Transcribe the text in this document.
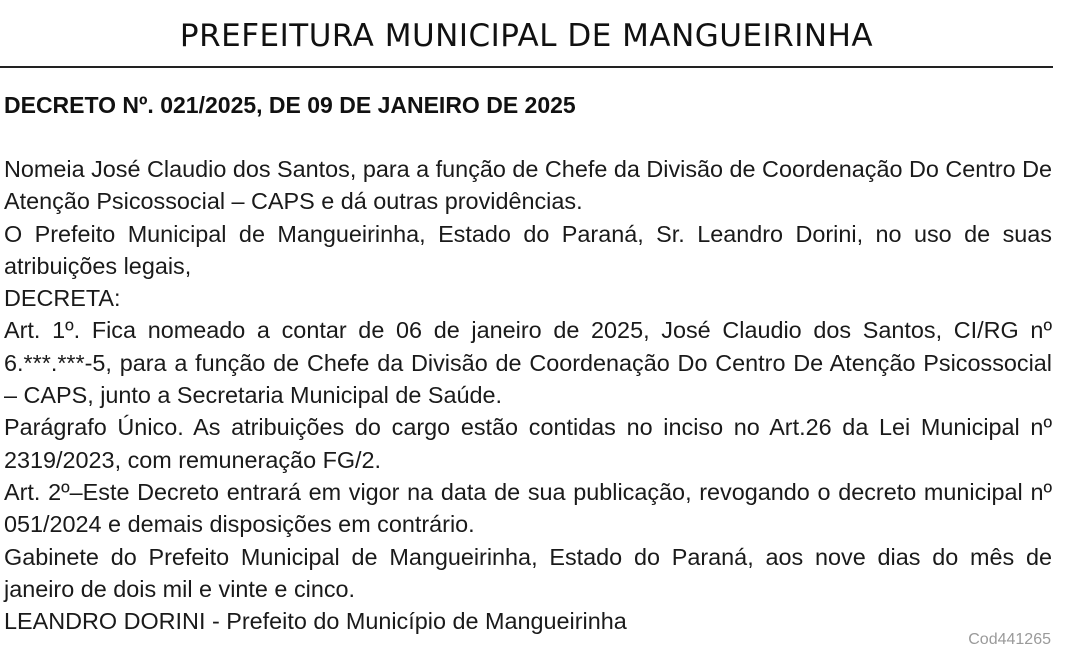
PREFEITURA MUNICIPAL DE MANGUEIRINHA
DECRETO Nº. 021/2025, DE 09 DE JANEIRO DE 2025

Nomeia José Claudio dos Santos, para a função de Chefe da Divisão de Coordenação Do Centro De Atenção Psicossocial – CAPS e dá outras providências.

O Prefeito Municipal de Mangueirinha, Estado do Paraná, Sr. Leandro Dorini, no uso de suas atribuições legais,

DECRETA:

Art. 1º. Fica nomeado a contar de 06 de janeiro de 2025, José Claudio dos Santos, CI/RG nº 6.***.***-5, para a função de Chefe da Divisão de Coordenação Do Centro De Atenção Psicossocial – CAPS, junto a Secretaria Municipal de Saúde.

Parágrafo Único. As atribuições do cargo estão contidas no inciso no Art.26 da Lei Municipal nº 2319/2023, com remuneração FG/2.

Art. 2º–Este Decreto entrará em vigor na data de sua publicação, revogando o decreto municipal nº 051/2024 e demais disposições em contrário.

Gabinete do Prefeito Municipal de Mangueirinha, Estado do Paraná, aos nove dias do mês de janeiro de dois mil e vinte e cinco.

LEANDRO DORINI - Prefeito do Município de Mangueirinha

Cod441265
